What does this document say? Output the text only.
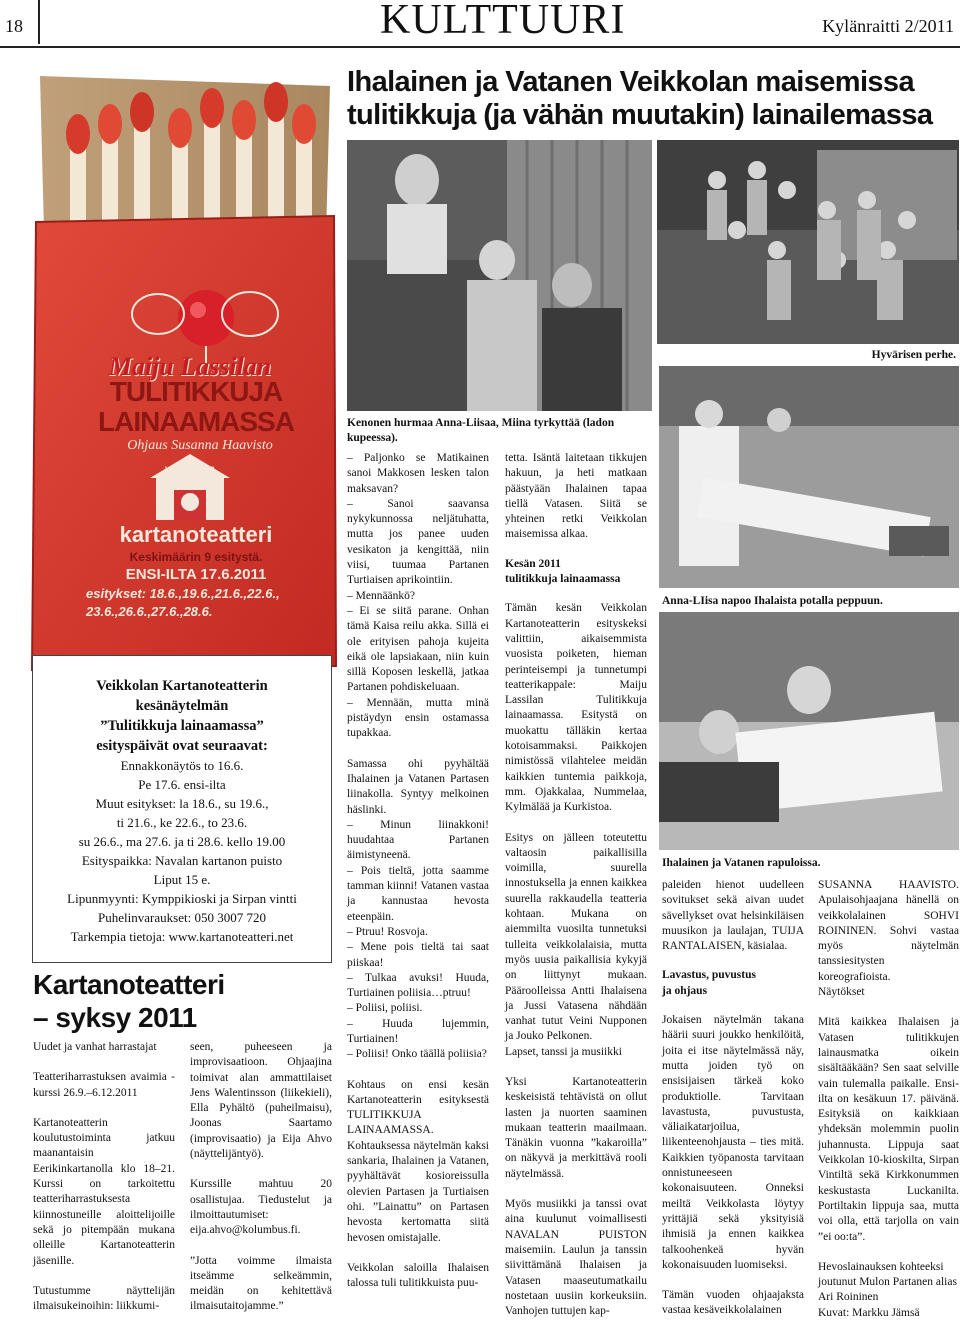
18	KULTTUURI	Kylänraitti 2/2011
Ihalainen ja Vatanen Veikkolan maisemissa
tulitikkuja (ja vähän muutakin) lainailemassa
Maiju Lassilan
TULITIKKUJA
LAINAAMASSA
Ohjaus Susanna Haavisto
veikkolan
kartanoteatteri
Keskimäärin 9 esitystä.
ENSI-ILTA 17.6.2011
esitykset: 18.6.,19.6.,21.6.,22.6.,
23.6.,26.6.,27.6.,28.6.
Veikkolan Kartanoteatterin
kesänäytelmän
”Tulitikkuja lainaamassa”
esityspäivät ovat seuraavat:
Ennakkonäytös to 16.6.
Pe 17.6. ensi-ilta
Muut esitykset: la 18.6., su 19.6.,
ti 21.6., ke 22.6., to 23.6.
su 26.6., ma 27.6. ja ti 28.6. kello 19.00
Esityspaikka: Navalan kartanon puisto
Liput 15 e.
Lipunmyynti: Kymppikioski ja Sirpan vintti
Puhelinvaraukset: 050 3007 720
Tarkempia tietoja: www.kartanoteatteri.net
Kartanoteatteri
– syksy 2011

Uudet ja vanhat harrastajat

Teatteriharrastuksen avaimia -kurssi 26.9.–6.12.2011

Kartanoteatterin koulutustoiminta jatkuu maanantaisin Eerikinkartanolla klo 18–21. Kurssi on tarkoitettu teatteriharrastuksesta kiinnostuneille aloittelijoille sekä jo pitempään mukana olleille Kartanoteatterin jäsenille.

Tutustumme näyttelijän ilmaisukeinoihin: liikkumi-

seen, puheeseen ja improvisaatioon. Ohjaajina toimivat alan ammattilaiset Jens Walentinsson (liikekieli), Ella Pyhältö (puheilmaisu), Joonas Saartamo (improvisaatio) ja Eija Ahvo (näyttelijäntyö).

Kurssille mahtuu 20 osallistujaa. Tiedustelut ja ilmoittautumiset: eija.ahvo@kolumbus.fi.

”Jotta voimme ilmaista itseämme selkeämmin, meidän on kehitettävä ilmaisutaitojamme.”

Hyvärisen perhe.
Kenonen hurmaa Anna-Liisaa, Miina tyrkyttää (ladon kupeessa).
Anna-LIisa napoo Ihalaista potalla peppuun.
Ihalainen ja Vatanen rapuloissa.

– Paljonko se Matikainen sanoi Makkosen lesken talon maksavan?

– Sanoi saavansa nykykunnossa neljätuhatta, mutta jos panee uuden vesikaton ja kengittää, niin viisi, tuumaa Partanen Turtiaisen aprikointiin.

– Mennäänkö?

– Ei se siitä parane. Onhan tämä Kaisa reilu akka. Sillä ei ole erityisen pahoja kujeita eikä ole lapsiakaan, niin kuin sillä Koposen leskellä, jatkaa Partanen pohdiskeluaan.

– Mennään, mutta minä pistäydyn ensin ostamassa tupakkaa.

Samassa ohi pyyhältää Ihalainen ja Vatanen Partasen liinakolla. Syntyy melkoinen häslinki.

– Minun liinakkoni! huudahtaa Partanen äimistyneenä.

– Pois tieltä, jotta saamme tamman kiinni! Vatanen vastaa ja kannustaa hevosta eteenpäin.

– Ptruu! Rosvoja.

– Mene pois tieltä tai saat piiskaa!

– Tulkaa avuksi! Huuda, Turtiainen poliisia…ptruu!

– Poliisi, poliisi.

– Huuda lujemmin, Turtiainen!

– Poliisi! Onko täällä poliisia?

Kohtaus on ensi kesän Kartanoteatterin esityksestä TULITIKKUJA LAINAAMASSA. Kohtauksessa näytelmän kaksi sankaria, Ihalainen ja Vatanen, pyyhältävät kosioreissulla olevien Partasen ja Turtiaisen ohi. ”Lainattu” on Partasen hevosta kertomatta siitä hevosen omistajalle.

Veikkolan saloilla Ihalaisen talossa tuli tulitikkuista puu-

tetta. Isäntä laitetaan tikkujen hakuun, ja heti matkaan päästyään Ihalainen tapaa tiellä Vatasen. Siitä se yhteinen retki Veikkolan maisemissa alkaa.

Kesän 2011
tulitikkuja lainaamassa

Tämän kesän Veikkolan Kartanoteatterin esityskeksi valittiin, aikaisemmista vuosista poiketen, hieman perinteisempi ja tunnetumpi teatterikappale: Maiju Lassilan Tulitikkuja lainaamassa. Esitystä on muokattu tälläkin kertaa kotoisammaksi. Paikkojen nimistössä vilahtelee meidän kaikkien tuntemia paikkoja, mm. Ojakkalaa, Nummelaa, Kylmälää ja Kurkistoa.

Esitys on jälleen toteutettu valtaosin paikallisilla voimilla, suurella innostuksella ja ennen kaikkea suurella rakkaudella teatteria kohtaan. Mukana on aiemmilta vuosilta tunnetuksi tulleita veikkolalaisia, mutta myös uusia paikallisia kykyjä on liittynyt mukaan. Pääroolleissa Antti Ihalaisena ja Jussi Vatasena nähdään vanhat tutut Veini Nupponen ja Jouko Pelkonen.

Lapset, tanssi ja musiikki

Yksi Kartanoteatterin keskeisistä tehtävistä on ollut lasten ja nuorten saaminen mukaan teatterin maailmaan. Tänäkin vuonna ”kakaroilla” on näkyvä ja merkittävä rooli näytelmässä.

Myös musiikki ja tanssi ovat aina kuulunut voimallisesti NAVALAN PUISTON maisemiin. Laulun ja tanssin siivittämänä Ihalaisen ja Vatasen maaseutumatkailu nostetaan uusiin korkeuksiin. Vanhojen tuttujen kap-

paleiden hienot uudelleen sovitukset sekä aivan uudet sävellykset ovat helsinkiläisen muusikon ja laulajan, TUIJA RANTALAISEN, käsialaa.

Lavastus, puvustus
ja ohjaus

Jokaisen näytelmän takana häärii suuri joukko henkilöitä, joita ei itse näytelmässä näy, mutta joiden työ on ensisijaisen tärkeä koko produktiolle. Tarvitaan lavastusta, puvustusta, väliaikatarjoilua, liikenteenohjausta – ties mitä. Kaikkien työpanosta tarvitaan onnistuneeseen kokonaisuuteen. Onneksi meiltä Veikkolasta löytyy yrittäjiä sekä yksityisiä ihmisiä ja ennen kaikkea talkoohenkeä hyvän kokonaisuuden luomiseksi.

Tämän vuoden ohjaajaksta vastaa kesäveikkolalainen

SUSANNA HAAVISTO. Apulaisohjaajana hänellä on veikkolalainen SOHVI ROININEN. Sohvi vastaa myös näytelmän tanssiesitysten koreografioista.

Näytökset

Mitä kaikkea Ihalaisen ja Vatasen tulitikkujen lainausmatka oikein sisältääkään? Sen saat selville vain tulemalla paikalle. Ensi-ilta on kesäkuun 17. päivänä. Esityksiä on kaikkiaan yhdeksän molemmin puolin juhannusta. Lippuja saat Veikkolan 10-kioskilta, Sirpan Vintiltä sekä Kirkkonummen keskustasta Luckanilta. Portiltakin lippuja saa, mutta voi olla, että tarjolla on vain ”ei oo:ta”.

Hevoslainauksen kohteeksi joutunut Mulon Partanen alias Ari Roininen

Kuvat: Markku Jämsä
